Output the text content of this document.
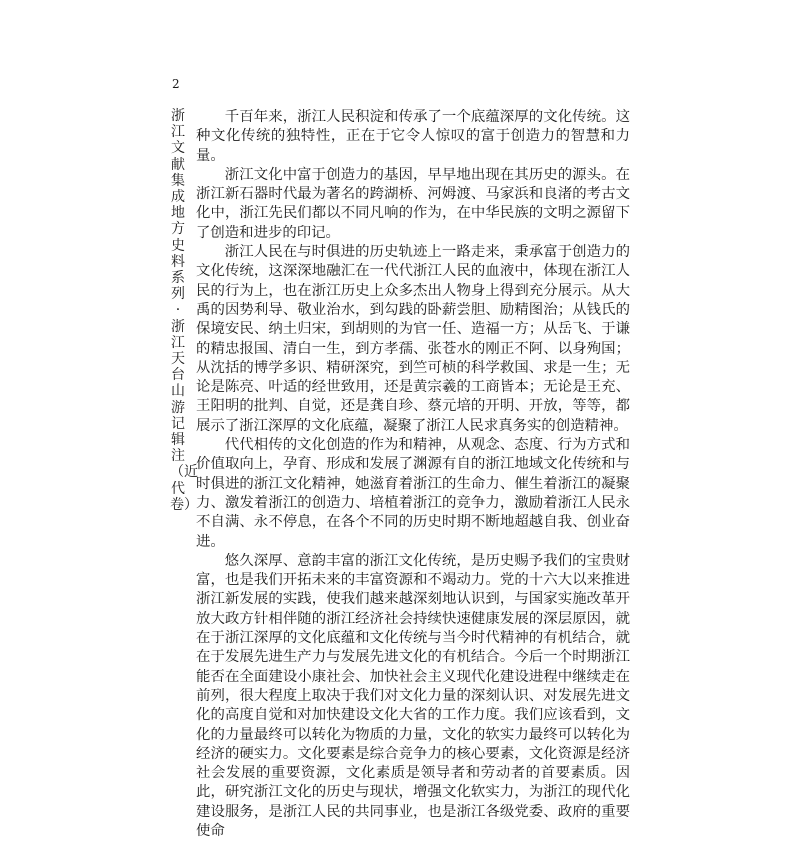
2
浙江文献集成地方史料系列·浙江天台山游记辑注（近代卷）

千百年来，浙江人民积淀和传承了一个底蕴深厚的文化传统。这种文化传统的独特性，正在于它令人惊叹的富于创造力的智慧和力量。

浙江文化中富于创造力的基因，早早地出现在其历史的源头。在浙江新石器时代最为著名的跨湖桥、河姆渡、马家浜和良渚的考古文化中，浙江先民们都以不同凡响的作为，在中华民族的文明之源留下了创造和进步的印记。

浙江人民在与时俱进的历史轨迹上一路走来，秉承富于创造力的文化传统，这深深地融汇在一代代浙江人民的血液中，体现在浙江人民的行为上，也在浙江历史上众多杰出人物身上得到充分展示。从大禹的因势利导、敬业治水，到勾践的卧薪尝胆、励精图治；从钱氏的保境安民、纳土归宋，到胡则的为官一任、造福一方；从岳飞、于谦的精忠报国、清白一生，到方孝孺、张苍水的刚正不阿、以身殉国；从沈括的博学多识、精研深究，到竺可桢的科学救国、求是一生；无论是陈亮、叶适的经世致用，还是黄宗羲的工商皆本；无论是王充、王阳明的批判、自觉，还是龚自珍、蔡元培的开明、开放，等等，都展示了浙江深厚的文化底蕴，凝聚了浙江人民求真务实的创造精神。

代代相传的文化创造的作为和精神，从观念、态度、行为方式和价值取向上，孕育、形成和发展了渊源有自的浙江地域文化传统和与时俱进的浙江文化精神，她滋育着浙江的生命力、催生着浙江的凝聚力、激发着浙江的创造力、培植着浙江的竞争力，激励着浙江人民永不自满、永不停息，在各个不同的历史时期不断地超越自我、创业奋进。

悠久深厚、意韵丰富的浙江文化传统，是历史赐予我们的宝贵财富，也是我们开拓未来的丰富资源和不竭动力。党的十六大以来推进浙江新发展的实践，使我们越来越深刻地认识到，与国家实施改革开放大政方针相伴随的浙江经济社会持续快速健康发展的深层原因，就在于浙江深厚的文化底蕴和文化传统与当今时代精神的有机结合，就在于发展先进生产力与发展先进文化的有机结合。今后一个时期浙江能否在全面建设小康社会、加快社会主义现代化建设进程中继续走在前列，很大程度上取决于我们对文化力量的深刻认识、对发展先进文化的高度自觉和对加快建设文化大省的工作力度。我们应该看到，文化的力量最终可以转化为物质的力量，文化的软实力最终可以转化为经济的硬实力。文化要素是综合竞争力的核心要素，文化资源是经济社会发展的重要资源，文化素质是领导者和劳动者的首要素质。因此，研究浙江文化的历史与现状，增强文化软实力，为浙江的现代化建设服务，是浙江人民的共同事业，也是浙江各级党委、政府的重要使命
